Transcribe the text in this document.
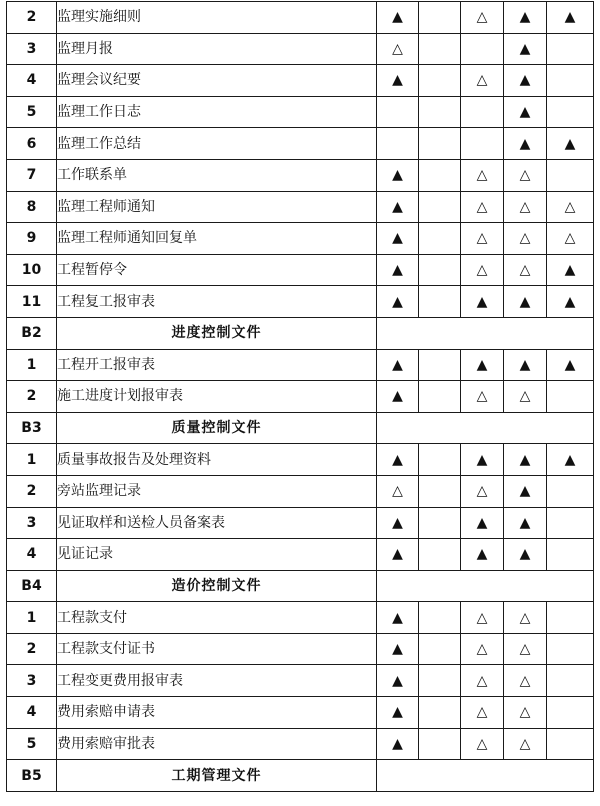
2	监理实施细则	▲		△	▲	▲
3	监理月报	△			▲	
4	监理会议纪要	▲		△	▲	
5	监理工作日志				▲	
6	监理工作总结				▲	▲
7	工作联系单	▲		△	△	
8	监理工程师通知	▲		△	△	△
9	监理工程师通知回复单	▲		△	△	△
10	工程暂停令	▲		△	△	▲
11	工程复工报审表	▲		▲	▲	▲
B2	进度控制文件					
1	工程开工报审表	▲		▲	▲	▲
2	施工进度计划报审表	▲		△	△	
B3	质量控制文件					
1	质量事故报告及处理资料	▲		▲	▲	▲
2	旁站监理记录	△		△	▲	
3	见证取样和送检人员备案表	▲		▲	▲	
4	见证记录	▲		▲	▲	
B4	造价控制文件					
1	工程款支付	▲		△	△	
2	工程款支付证书	▲		△	△	
3	工程变更费用报审表	▲		△	△	
4	费用索赔申请表	▲		△	△	
5	费用索赔审批表	▲		△	△	
B5	工期管理文件					
